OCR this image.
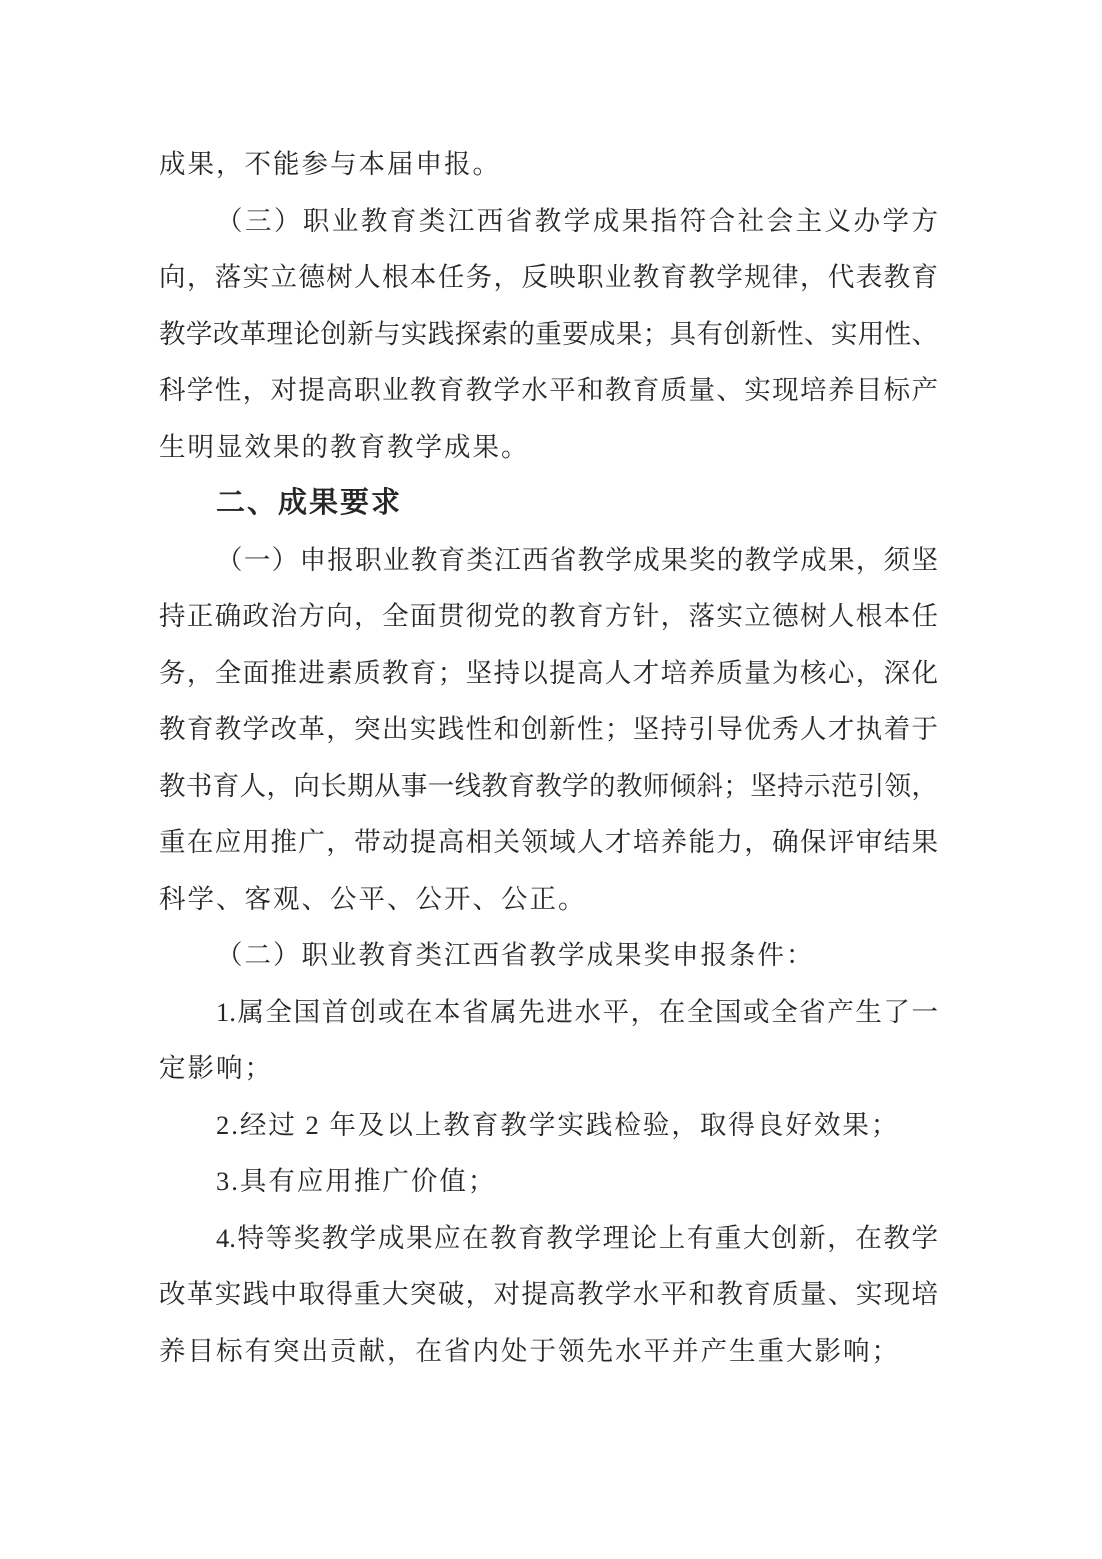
成果，不能参与本届申报。
（三）职业教育类江西省教学成果指符合社会主义办学方
向，落实立德树人根本任务，反映职业教育教学规律，代表教育
教学改革理论创新与实践探索的重要成果；具有创新性、实用性、
科学性，对提高职业教育教学水平和教育质量、实现培养目标产
生明显效果的教育教学成果。
二、成果要求
（一）申报职业教育类江西省教学成果奖的教学成果，须坚
持正确政治方向，全面贯彻党的教育方针，落实立德树人根本任
务，全面推进素质教育；坚持以提高人才培养质量为核心，深化
教育教学改革，突出实践性和创新性；坚持引导优秀人才执着于
教书育人，向长期从事一线教育教学的教师倾斜；坚持示范引领，
重在应用推广，带动提高相关领域人才培养能力，确保评审结果
科学、客观、公平、公开、公正。
（二）职业教育类江西省教学成果奖申报条件：
1.属全国首创或在本省属先进水平，在全国或全省产生了一
定影响；
2.经过 2 年及以上教育教学实践检验，取得良好效果；
3.具有应用推广价值；
4.特等奖教学成果应在教育教学理论上有重大创新，在教学
改革实践中取得重大突破，对提高教学水平和教育质量、实现培
养目标有突出贡献，在省内处于领先水平并产生重大影响；
